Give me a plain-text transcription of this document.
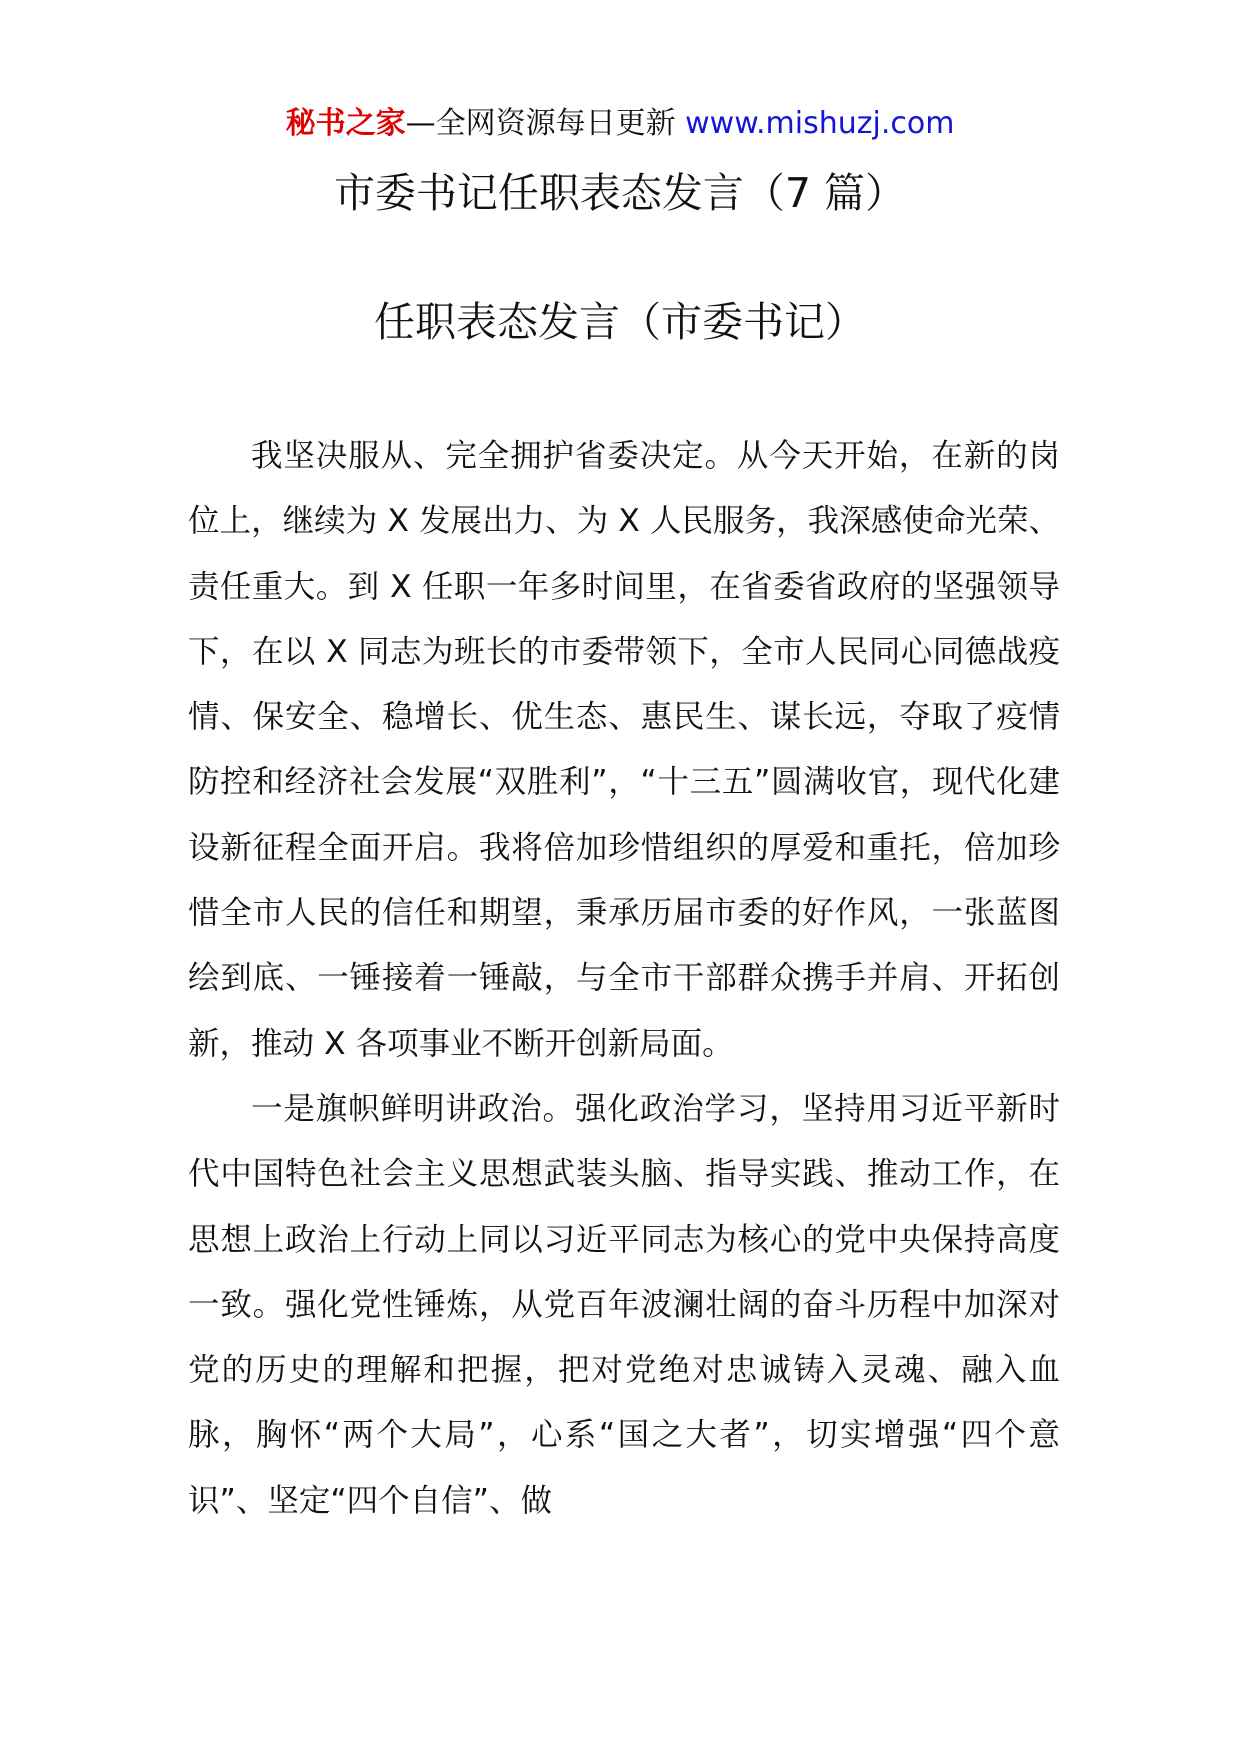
秘书之家—全网资源每日更新 www.mishuzj.com
市委书记任职表态发言（7 篇）
任职表态发言（市委书记）

我坚决服从、完全拥护省委决定。从今天开始，在新的岗位上，继续为 X 发展出力、为 X 人民服务，我深感使命光荣、责任重大。到 X 任职一年多时间里，在省委省政府的坚强领导下，在以 X 同志为班长的市委带领下，全市人民同心同德战疫情、保安全、稳增长、优生态、惠民生、谋长远，夺取了疫情防控和经济社会发展“双胜利”，“十三五”圆满收官，现代化建设新征程全面开启。我将倍加珍惜组织的厚爱和重托，倍加珍惜全市人民的信任和期望，秉承历届市委的好作风，一张蓝图绘到底、一锤接着一锤敲，与全市干部群众携手并肩、开拓创新，推动 X 各项事业不断开创新局面。

一是旗帜鲜明讲政治。强化政治学习，坚持用习近平新时代中国特色社会主义思想武装头脑、指导实践、推动工作，在思想上政治上行动上同以习近平同志为核心的党中央保持高度一致。强化党性锤炼，从党百年波澜壮阔的奋斗历程中加深对党的历史的理解和把握，把对党绝对忠诚铸入灵魂、融入血脉，胸怀“两个大局”，心系“国之大者”，切实增强“四个意识”、坚定“四个自信”、做
